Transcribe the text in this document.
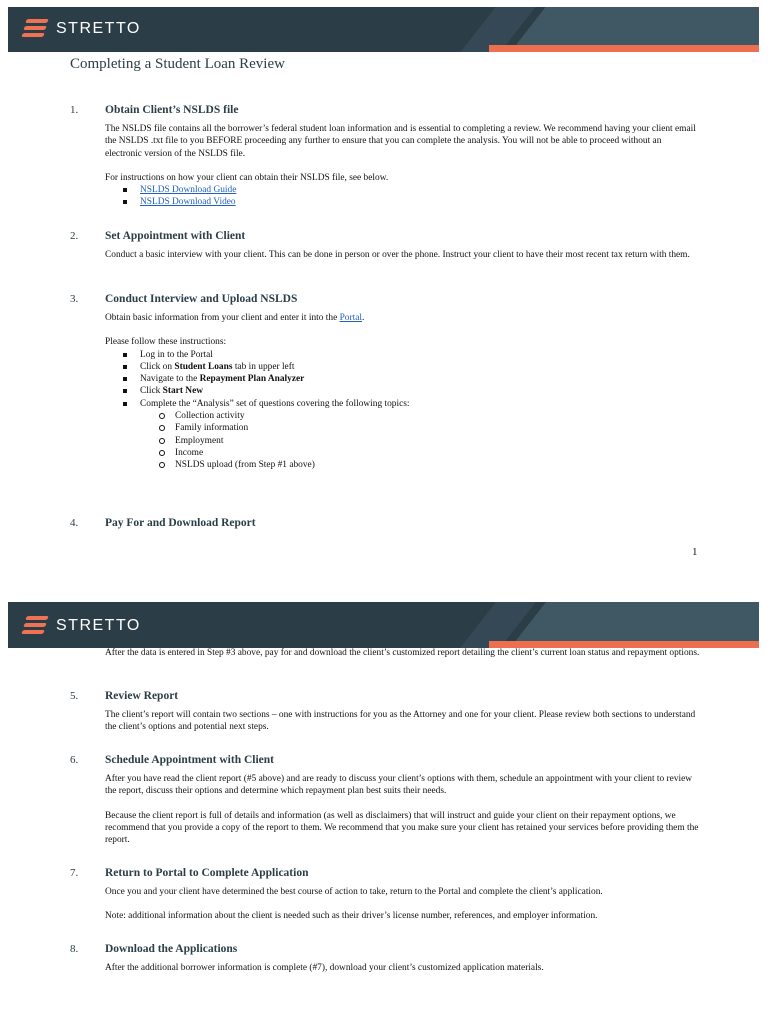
STRETTO
Completing a Student Loan Review
1.	Obtain Client’s NSLDS file

The NSLDS file contains all the borrower’s federal student loan information and is essential to completing a review. We recommend having your client email the NSLDS .txt file to you BEFORE proceeding any further to ensure that you can complete the analysis. You will not be able to proceed without an electronic version of the NSLDS file.

For instructions on how your client can obtain their NSLDS file, see below.

NSLDS Download Guide
NSLDS Download Video
2.	Set Appointment with Client

Conduct a basic interview with your client. This can be done in person or over the phone. Instruct your client to have their most recent tax return with them.

3.	Conduct Interview and Upload NSLDS

Obtain basic information from your client and enter it into the Portal.

Please follow these instructions:

Log in to the Portal
Click on Student Loans tab in upper left
Navigate to the Repayment Plan Analyzer
Click Start New
Complete the “Analysis” set of questions covering the following topics:
Collection activity
Family information
Employment
Income
NSLDS upload (from Step #1 above)
4.	Pay For and Download Report
1
STRETTO

After the data is entered in Step #3 above, pay for and download the client’s customized report detailing the client’s current loan status and repayment options.

5.	Review Report

The client’s report will contain two sections – one with instructions for you as the Attorney and one for your client. Please review both sections to understand the client’s options and potential next steps.

6.	Schedule Appointment with Client

After you have read the client report (#5 above) and are ready to discuss your client’s options with them, schedule an appointment with your client to review the report, discuss their options and determine which repayment plan best suits their needs.

Because the client report is full of details and information (as well as disclaimers) that will instruct and guide your client on their repayment options, we recommend that you provide a copy of the report to them. We recommend that you make sure your client has retained your services before providing them the report.

7.	Return to Portal to Complete Application

Once you and your client have determined the best course of action to take, return to the Portal and complete the client’s application.

Note: additional information about the client is needed such as their driver’s license number, references, and employer information.

8.	Download the Applications

After the additional borrower information is complete (#7), download your client’s customized application materials.
